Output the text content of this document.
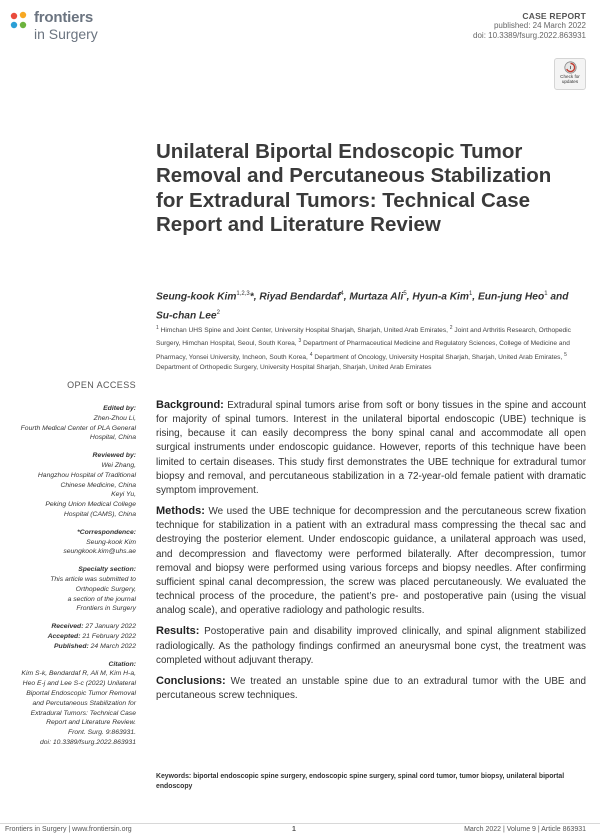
frontiers
in Surgery
CASE REPORT
published: 24 March 2022
doi: 10.3389/fsurg.2022.863931
Check for
updates
Unilateral Biportal Endoscopic Tumor Removal and Percutaneous Stabilization for Extradural Tumors: Technical Case Report and Literature Review
Seung-kook Kim$^{1,2,3}$*, Riyad Bendardaf$^4$, Murtaza Ali$^5$, Hyun-a Kim$^1$, Eun-jung Heo$^1$ and Su-chan Lee$^2$
$^1$ Himchan UHS Spine and Joint Center, University Hospital Sharjah, Sharjah, United Arab Emirates, $^2$ Joint and Arthritis Research, Orthopedic Surgery, Himchan Hospital, Seoul, South Korea, $^3$ Department of Pharmaceutical Medicine and Regulatory Sciences, College of Medicine and Pharmacy, Yonsei University, Incheon, South Korea, $^4$ Department of Oncology, University Hospital Sharjah, Sharjah, United Arab Emirates, $^5$ Department of Orthopedic Surgery, University Hospital Sharjah, Sharjah, United Arab Emirates
OPEN ACCESS
Edited by:
Zhen-Zhou Li,
Fourth Medical Center of PLA General
Hospital, China
Reviewed by:
Wei Zhang,
Hangzhou Hospital of Traditional
Chinese Medicine, China
Keyi Yu,
Peking Union Medical College
Hospital (CAMS), China
*Correspondence:
Seung-kook Kim
seungkook.kim@uhs.ae
Specialty section:
This article was submitted to
Orthopedic Surgery,
a section of the journal
Frontiers in Surgery
Received: 27 January 2022
Accepted: 21 February 2022
Published: 24 March 2022
Citation:
Kim S-k, Bendardaf R, Ali M, Kim H-a,
Heo E-j and Lee S-c (2022) Unilateral
Biportal Endoscopic Tumor Removal
and Percutaneous Stabilization for
Extradural Tumors: Technical Case
Report and Literature Review.
Front. Surg. 9:863931.
doi: 10.3389/fsurg.2022.863931

Background: Extradural spinal tumors arise from soft or bony tissues in the spine and account for majority of spinal tumors. Interest in the unilateral biportal endoscopic (UBE) technique is rising, because it can easily decompress the bony spinal canal and accommodate all open surgical instruments under endoscopic guidance. However, reports of this technique have been limited to certain diseases. This study first demonstrates the UBE technique for extradural tumor biopsy and removal, and percutaneous stabilization in a 72-year-old female patient with dramatic symptom improvement.

Methods: We used the UBE technique for decompression and the percutaneous screw fixation technique for stabilization in a patient with an extradural mass compressing the thecal sac and destroying the posterior element. Under endoscopic guidance, a unilateral approach was used, and decompression and flavectomy were performed bilaterally. After decompression, tumor removal and biopsy were performed using various forceps and biopsy needles. After confirming sufficient spinal canal decompression, the screw was placed percutaneously. We evaluated the technical process of the procedure, the patient’s pre- and postoperative pain (using the visual analog scale), and operative radiology and pathologic results.

Results: Postoperative pain and disability improved clinically, and spinal alignment stabilized radiologically. As the pathology findings confirmed an aneurysmal bone cyst, the treatment was completed without adjuvant therapy.

Conclusions: We treated an unstable spine due to an extradural tumor with the UBE and percutaneous screw techniques.

Keywords: biportal endoscopic spine surgery, endoscopic spine surgery, spinal cord tumor, tumor biopsy, unilateral biportal endoscopy
Frontiers in Surgery | www.frontiersin.org	1	March 2022 | Volume 9 | Article 863931
